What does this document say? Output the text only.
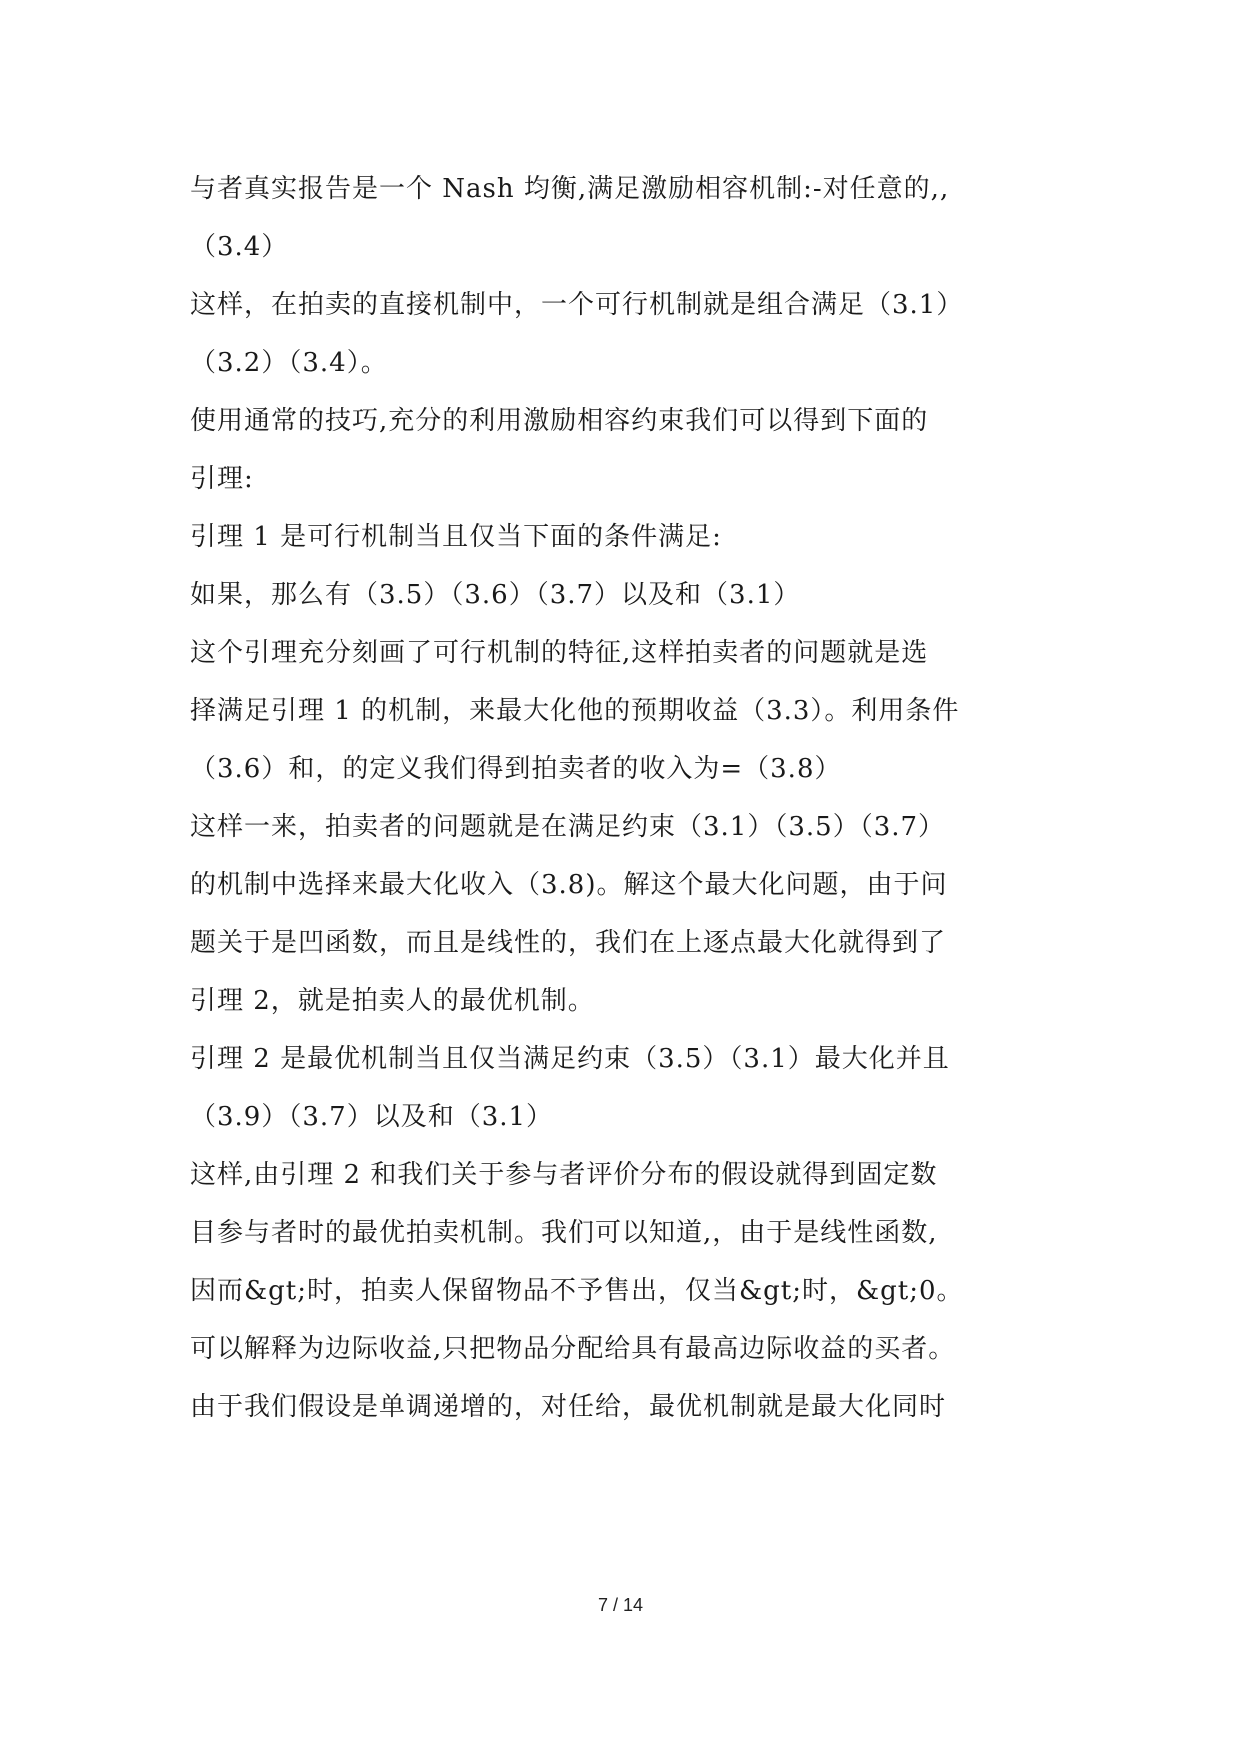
与者真实报告是一个 Nash 均衡,满足激励相容机制:-对任意的,,
（3.4）
这样，在拍卖的直接机制中，一个可行机制就是组合满足（3.1）
（3.2）（3.4）。
使用通常的技巧,充分的利用激励相容约束我们可以得到下面的
引理:
引理 1 是可行机制当且仅当下面的条件满足:
如果，那么有（3.5）（3.6）（3.7）以及和（3.1）
这个引理充分刻画了可行机制的特征,这样拍卖者的问题就是选
择满足引理 1 的机制，来最大化他的预期收益（3.3）。利用条件
（3.6）和，的定义我们得到拍卖者的收入为=（3.8）
这样一来，拍卖者的问题就是在满足约束（3.1）（3.5）（3.7）
的机制中选择来最大化收入（3.8)。解这个最大化问题，由于问
题关于是凹函数，而且是线性的，我们在上逐点最大化就得到了
引理 2，就是拍卖人的最优机制。
引理 2 是最优机制当且仅当满足约束（3.5）（3.1）最大化并且
（3.9）（3.7）以及和（3.1）
这样,由引理 2 和我们关于参与者评价分布的假设就得到固定数
目参与者时的最优拍卖机制。我们可以知道,，由于是线性函数,
因而&gt;时，拍卖人保留物品不予售出，仅当&gt;时，&gt;0。
可以解释为边际收益,只把物品分配给具有最高边际收益的买者。
由于我们假设是单调递增的，对任给，最优机制就是最大化同时
7 / 14
